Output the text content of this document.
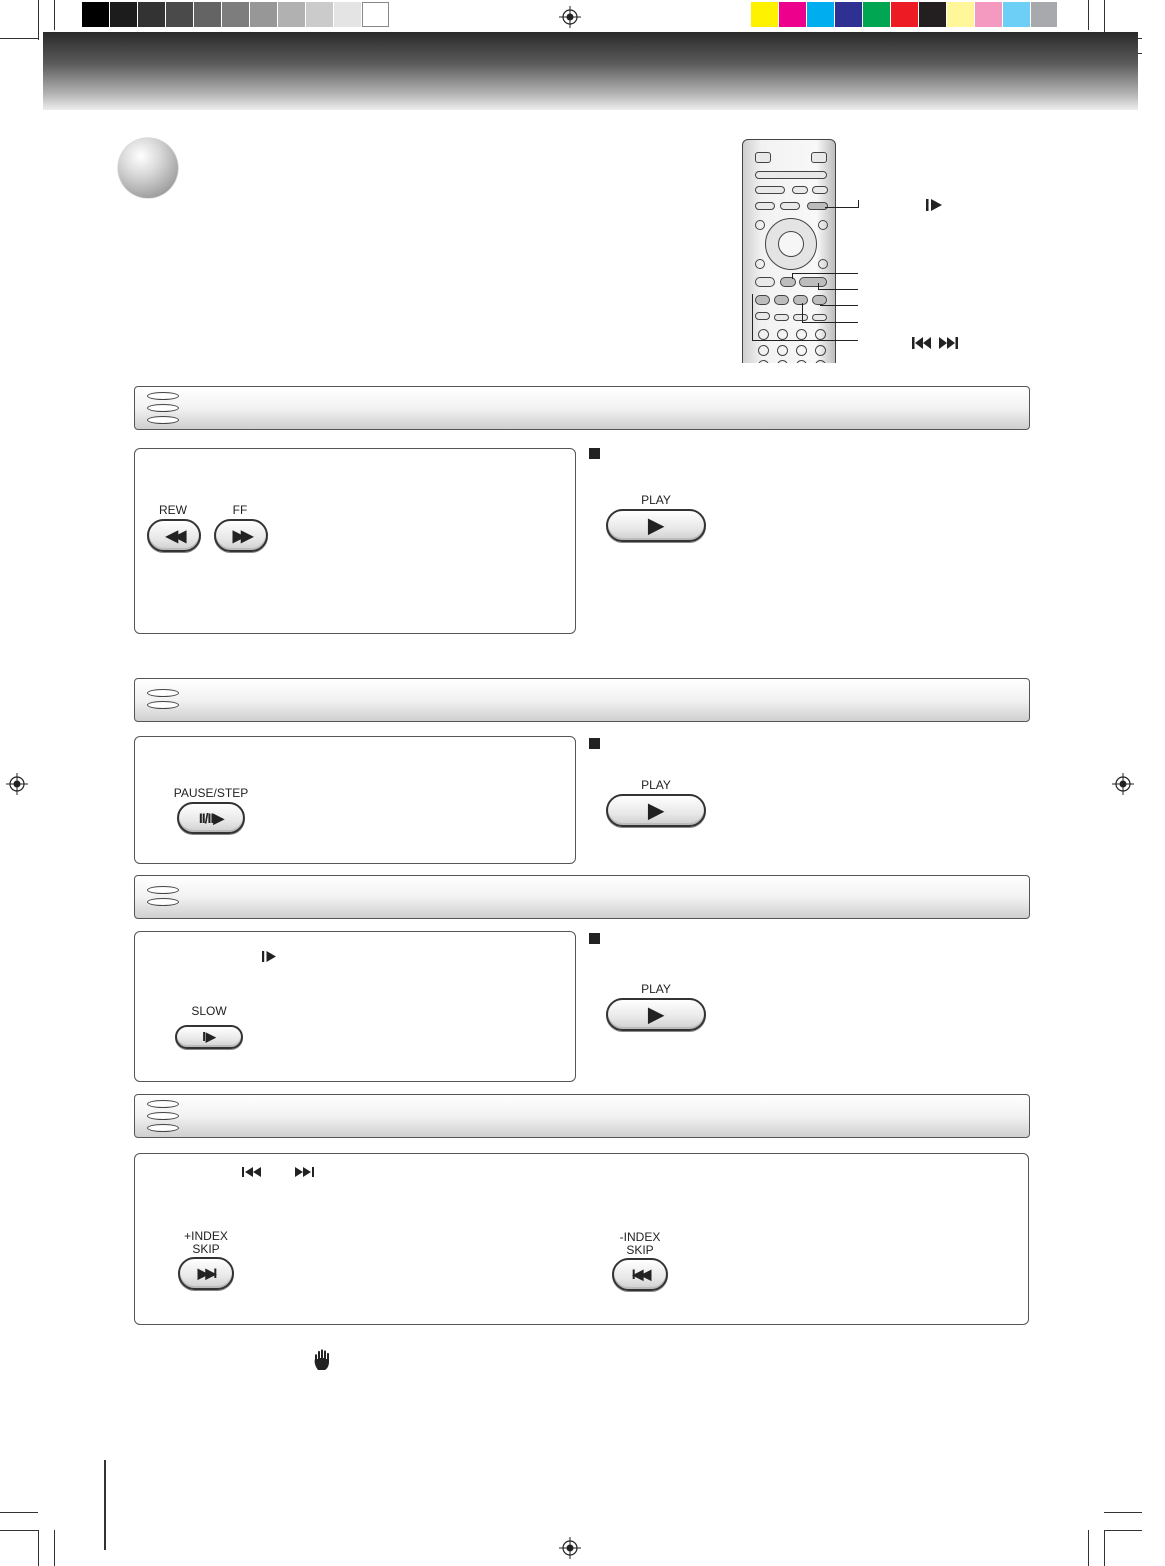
REW
◀◀
FF
▶▶
PLAY
▶
PAUSE/STEP
II/II▶
PLAY
▶
SLOW
I▶
PLAY
▶
+INDEX
SKIP
▶▶I
-INDEX
SKIP
I◀◀
